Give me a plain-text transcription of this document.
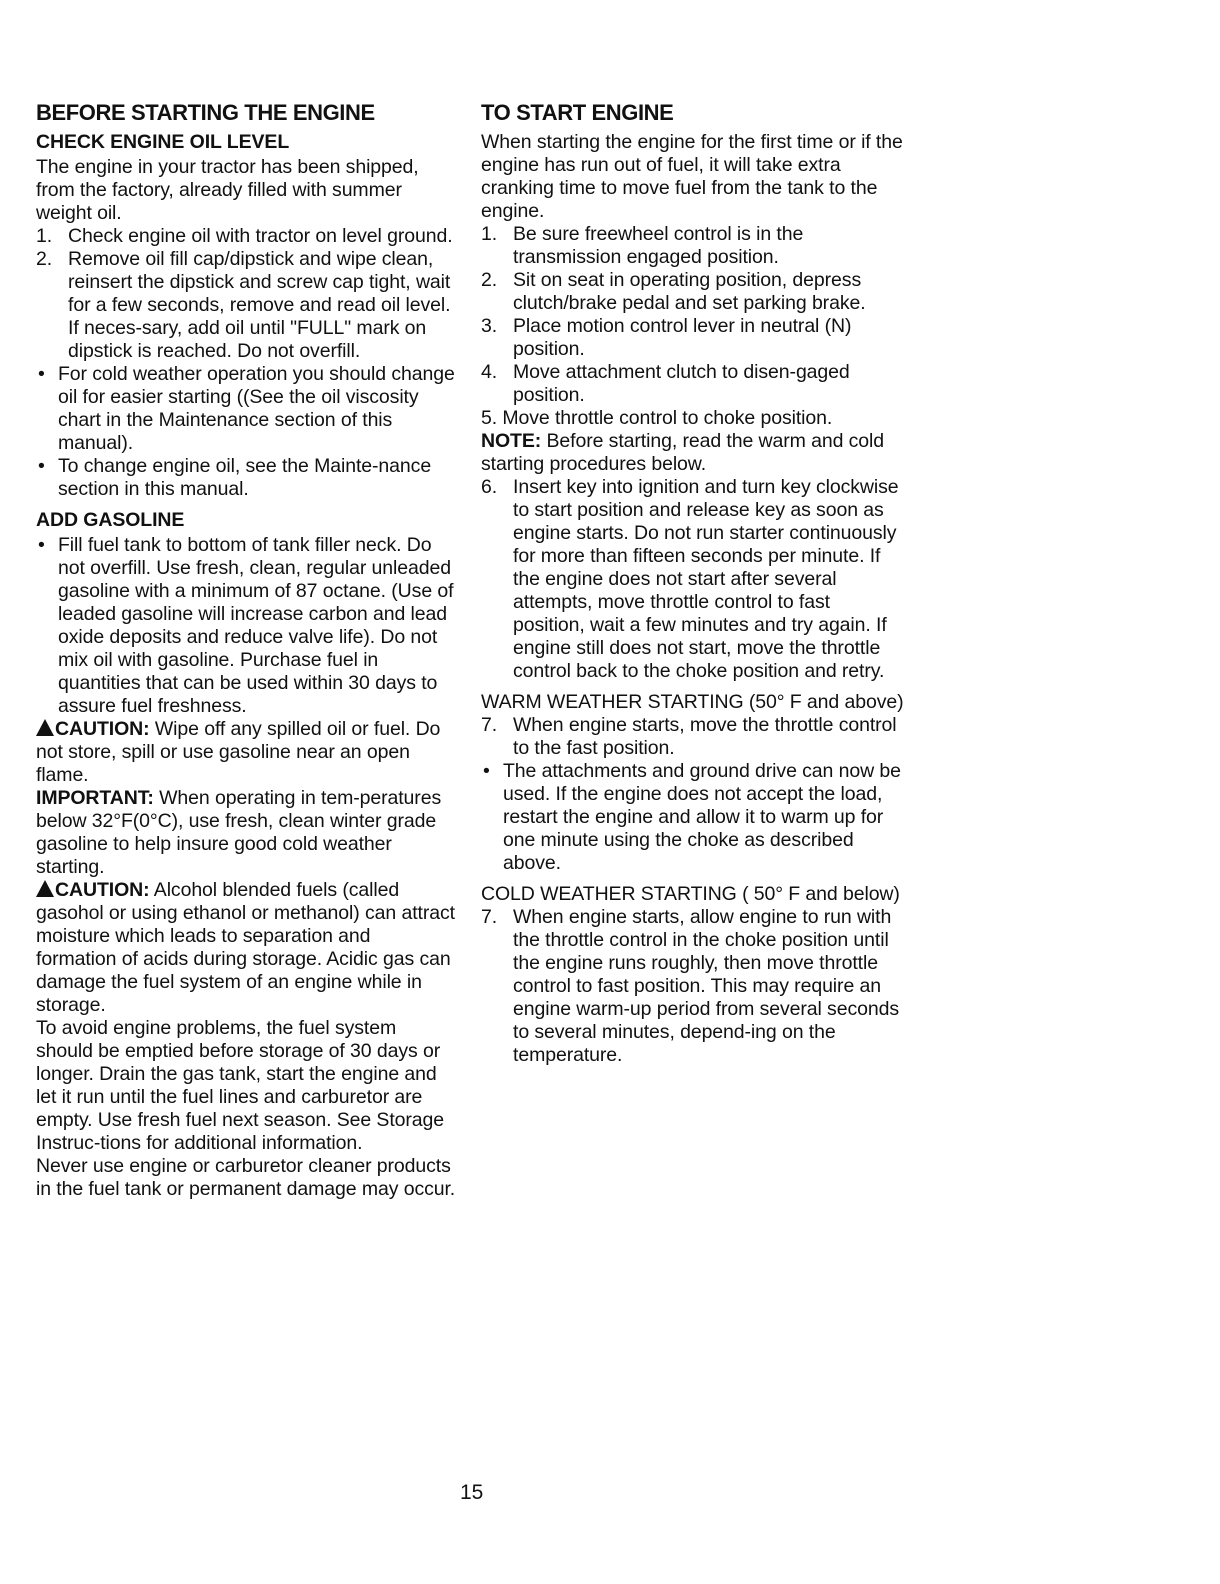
BEFORE STARTING THE ENGINE
CHECK ENGINE OIL LEVEL

The engine in your tractor has been shipped, from the factory, already filled with summer weight oil.

1. Check engine oil with tractor on level ground.
2. Remove oil fill cap/dipstick and wipe clean, reinsert the dipstick and screw cap tight, wait for a few seconds, remove and read oil level. If neces-sary, add oil until "FULL" mark on dipstick is reached. Do not overfill.
• For cold weather operation you should change oil for easier starting ((See the oil viscosity chart in the Maintenance section of this manual).
• To change engine oil, see the Mainte-nance section in this manual.
ADD GASOLINE
• Fill fuel tank to bottom of tank filler neck. Do not overfill. Use fresh, clean, regular unleaded gasoline with a minimum of 87 octane. (Use of leaded gasoline will increase carbon and lead oxide deposits and reduce valve life). Do not mix oil with gasoline. Purchase fuel in quantities that can be used within 30 days to assure fuel freshness.

CAUTION: Wipe off any spilled oil or fuel. Do not store, spill or use gasoline near an open flame.

IMPORTANT: When operating in tem-peratures below 32°F(0°C), use fresh, clean winter grade gasoline to help insure good cold weather starting.

CAUTION: Alcohol blended fuels (called gasohol or using ethanol or methanol) can attract moisture which leads to separation and formation of acids during storage. Acidic gas can damage the fuel system of an engine while in storage.

To avoid engine problems, the fuel system should be emptied before storage of 30 days or longer. Drain the gas tank, start the engine and let it run until the fuel lines and carburetor are empty. Use fresh fuel next season. See Storage Instruc-tions for additional information.

Never use engine or carburetor cleaner products in the fuel tank or permanent damage may occur.

TO START ENGINE

When starting the engine for the first time or if the engine has run out of fuel, it will take extra cranking time to move fuel from the tank to the engine.

1. Be sure freewheel control is in the transmission engaged position.
2. Sit on seat in operating position, depress clutch/brake pedal and set parking brake.
3. Place motion control lever in neutral (N) position.
4. Move attachment clutch to disen-gaged position.

5. Move throttle control to choke position.

NOTE: Before starting, read the warm and cold starting procedures below.

6. Insert key into ignition and turn key clockwise to start position and release key as soon as engine starts. Do not run starter continuously for more than fifteen seconds per minute. If the engine does not start after several attempts, move throttle control to fast position, wait a few minutes and try again. If engine still does not start, move the throttle control back to the choke position and retry.

WARM WEATHER STARTING (50° F and above)

7. When engine starts, move the throttle control to the fast position.
• The attachments and ground drive can now be used. If the engine does not accept the load, restart the engine and allow it to warm up for one minute using the choke as described above.

COLD WEATHER STARTING ( 50° F and below)

7. When engine starts, allow engine to run with the throttle control in the choke position until the engine runs roughly, then move throttle control to fast position. This may require an engine warm-up period from several seconds to several minutes, depend-ing on the temperature.
15
